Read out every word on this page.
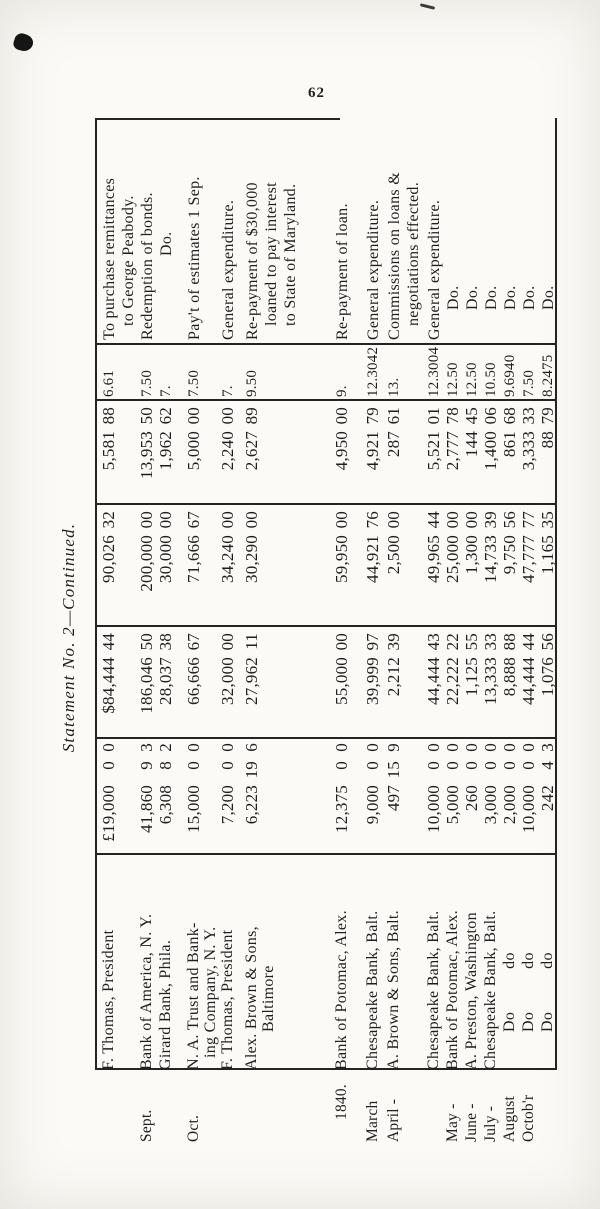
62
Statement No. 2—Continued.
F. Thomas, President
£19,000
0
0
$84,444
44
90,026
32
5,581
88
6.61
To purchase remittances to George Peabody.
Sept.
Bank of America, N. Y.
41,860
9
3
186,046
50
200,000
00
13,953
50
7.50
Redemption of bonds.
Girard Bank, Phila.
6,308
8
2
28,037
38
30,000
00
1,962
62
7.
Do.
Oct.
N. A. Trust and Bank- ing Company, N. Y.
15,000
0
0
66,666
67
71,666
67
5,000
00
7.50
Pay't of estimates 1 Sep.
F. Thomas, President
7,200
0
0
32,000
00
34,240
00
2,240
00
7.
General expenditure.
Alex. Brown & Sons, Baltimore
6,223
19
6
27,962
11
30,290
00
2,627
89
9.50
Re-payment of $30,000 loaned to pay interest to State of Maryland.
1840.
Bank of Potomac, Alex.
12,375
0
0
55,000
00
59,950
00
4,950
00
9.
Re-payment of loan.
March
Chesapeake Bank, Balt.
9,000
0
0
39,999
97
44,921
76
4,921
79
12.3042
General expenditure.
April -
A. Brown & Sons, Balt.
497
15
9
2,212
39
2,500
00
287
61
13.
Commissions on loans & negotiations effected.
Chesapeake Bank, Balt.
10,000
0
0
44,444
43
49,965
44
5,521
01
12.3004
General expenditure.
May -
Bank of Potomac, Alex.
5,000
0
0
22,222
22
25,000
00
2,777
78
12.50
Do.
June -
A. Preston, Washington
260
0
0
1,125
55
1,300
00
144
45
12.50
Do.
July -
Chesapeake Bank, Balt.
3,000
0
0
13,333
33
14,733
39
1,400
06
10.50
Do.
August
Do          do
2,000
0
0
8,888
88
9,750
56
861
68
9.6940
Do.
Octob'r
Do          do
10,000
0
0
44,444
44
47,777
77
3,333
33
7.50
Do.
Do          do
242
4
3
1,076
56
1,165
35
88
79
8.2475
Do.
